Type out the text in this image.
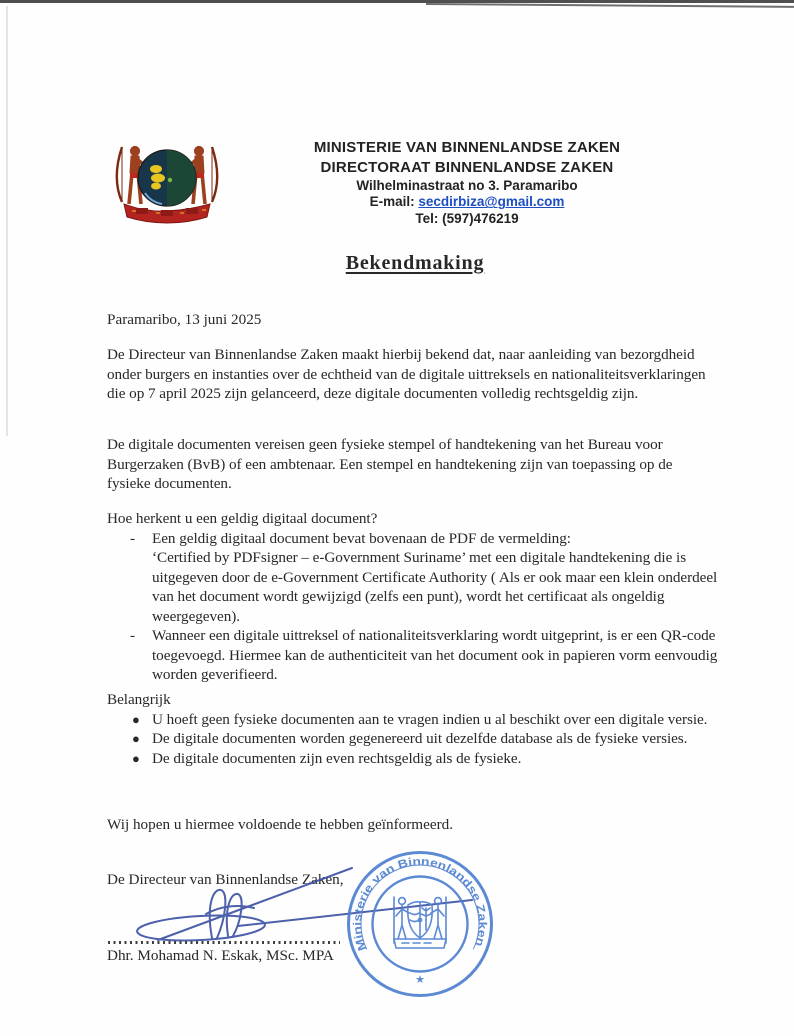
MINISTERIE VAN BINNENLANDSE ZAKEN
DIRECTORAAT BINNENLANDSE ZAKEN
Wilhelminastraat no 3. Paramaribo
E-mail: secdirbiza@gmail.com
Tel: (597)476219
Bekendmaking
Paramaribo, 13 juni 2025

De Directeur van Binnenlandse Zaken maakt hierbij bekend dat, naar aanleiding van bezorgdheid onder burgers en instanties over de echtheid van de digitale uittreksels en nationaliteitsverklaringen die op 7 april 2025 zijn gelanceerd, deze digitale documenten volledig rechtsgeldig zijn.

De digitale documenten vereisen geen fysieke stempel of handtekening van het Bureau voor Burgerzaken (BvB) of een ambtenaar. Een stempel en handtekening zijn van toepassing op de fysieke documenten.

Hoe herkent u een geldig digitaal document?
-	Een geldig digitaal document bevat bovenaan de PDF de vermelding:
‘Certified by PDFsigner – e-Government Suriname’ met een digitale handtekening die is uitgegeven door de e-Government Certificate Authority ( Als er ook maar een klein onderdeel van het document wordt gewijzigd (zelfs een punt), wordt het certificaat als ongeldig weergegeven).
-	Wanneer een digitale uittreksel of nationaliteitsverklaring wordt uitgeprint, is er een QR-code toegevoegd. Hiermee kan de authenticiteit van het document ook in papieren vorm eenvoudig worden geverifieerd.
Belangrijk
● U hoeft geen fysieke documenten aan te vragen indien u al beschikt over een digitale versie.
● De digitale documenten worden gegenereerd uit dezelfde database als de fysieke versies.
● De digitale documenten zijn even rechtsgeldig als de fysieke.

Wij hopen u hiermee voldoende te hebben geïnformeerd.

De Directeur van Binnenlandse Zaken,
Dhr. Mohamad N. Eskak, MSc. MPA
Ministerie van Binnenlandse Zaken
★
